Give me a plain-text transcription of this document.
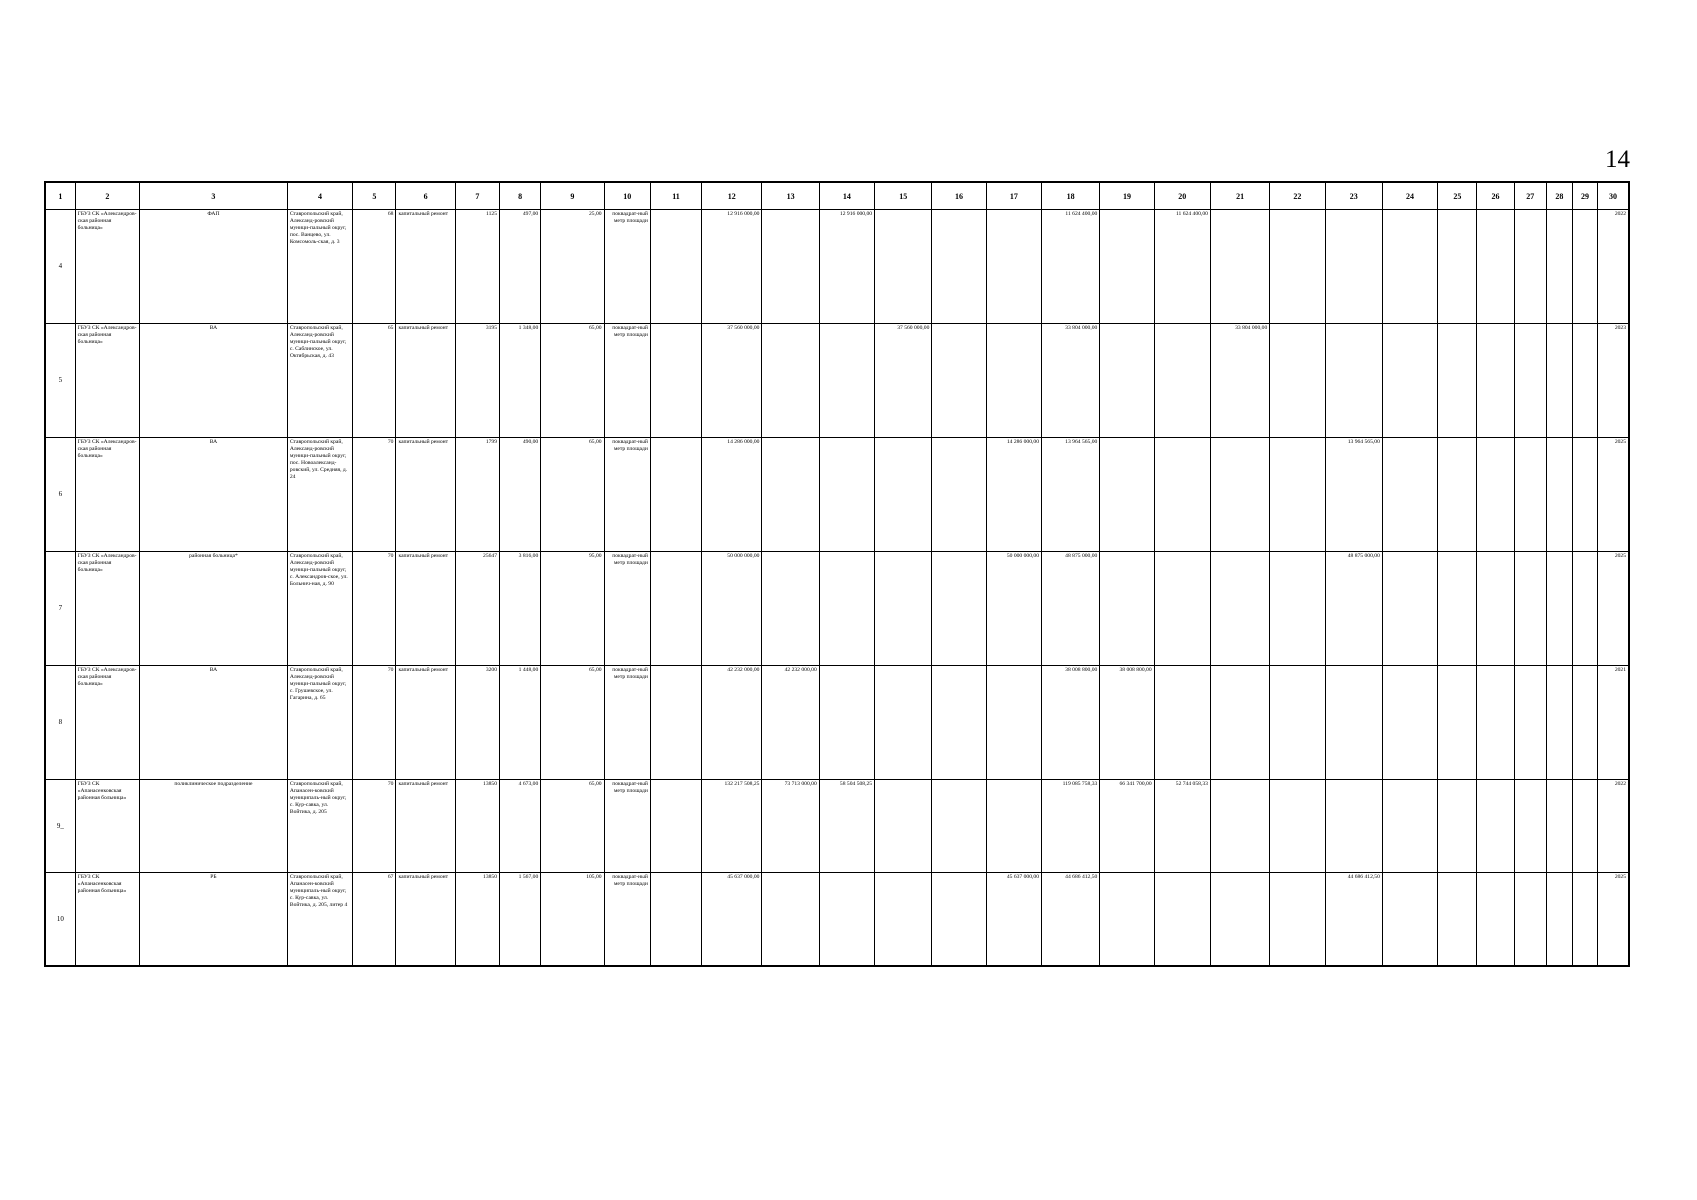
14
1	2	3	4	5	6	7	8	9	10	11	12	13	14	15	16	17	18	19	20	21	22	23	24	25	26	27	28	29	30
4	ГБУЗ СК «Александров-ская районная больница»	ФАП	Ставропольский край, Александ-ровский муници-пальный округ, пос. Ванцево, ул. Комсомоль-ская, д. 3	68	капитальный ремонт	1125	497,00	25,00	поквадрат-ный метр площади		12 916 000,00		12 916 000,00				11 624 400,00		11 624 400,00										2022
5	ГБУЗ СК «Александров-ская районная больница»	ВА	Ставропольский край, Александ-ровский муници-пальный округ, с. Саблинское, ул. Октябрьская, д. 43	65	капитальный ремонт	3195	1 348,00	65,00	поквадрат-ный метр площади		37 560 000,00			37 560 000,00			33 804 000,00			33 804 000,00									2023
6	ГБУЗ СК «Александров-ская районная больница»	ВА	Ставропольский край, Александ-ровский муници-пальный округ, пос. Новоалександ-ровский, ул. Средняя, д. 24	70	капитальный ремонт	1799	490,00	65,00	поквадрат-ный метр площади		14 286 000,00					14 286 000,00	13 964 565,00					13 964 565,00							2025
7	ГБУЗ СК «Александров-ская районная больница»	районная больница*	Ставропольский край, Александ-ровский муници-пальный округ, с. Александров-ское, ул. Больнич-ная, д. 90	70	капитальный ремонт	25647	3 816,00	95,00	поквадрат-ный метр площади		50 000 000,00					50 000 000,00	48 875 000,00					48 875 000,00							2025
8	ГБУЗ СК «Александров-ская районная больница»	ВА	Ставропольский край, Александ-ровский муници-пальный округ, с. Грушевское, ул. Гагарина, д. 65	70	капитальный ремонт	3200	1 448,00	65,00	поквадрат-ный метр площади		42 232 000,00	42 232 000,00					38 008 800,00	38 008 800,00											2021
9_	ГБУЗ СК «Апанасенковская районная больница»	поликлиническое подразделение	Ставропольский край, Апанасен-ковский муниципаль-ный округ, с. Кур-савка, ул. Войтика, д. 205	70	капитальный ремонт	13850	4 673,00	65,00	поквадрат-ный метр площади		132 217 508,25	73 713 000,00	58 504 508,25				119 085 758,33	66 341 700,00	52 744 058,33										2022
10	ГБУЗ СК «Апанасенковская районная больница»	РБ	Ставропольский край, Апанасен-ковский муниципаль-ный округ, с. Кур-савка, ул. Войтика, д. 205, литер 4	67	капитальный ремонт	13850	1 567,00	105,00	поквадрат-ный метр площади		45 637 000,00					45 637 000,00	44 686 412,50					44 686 412,50							2025
